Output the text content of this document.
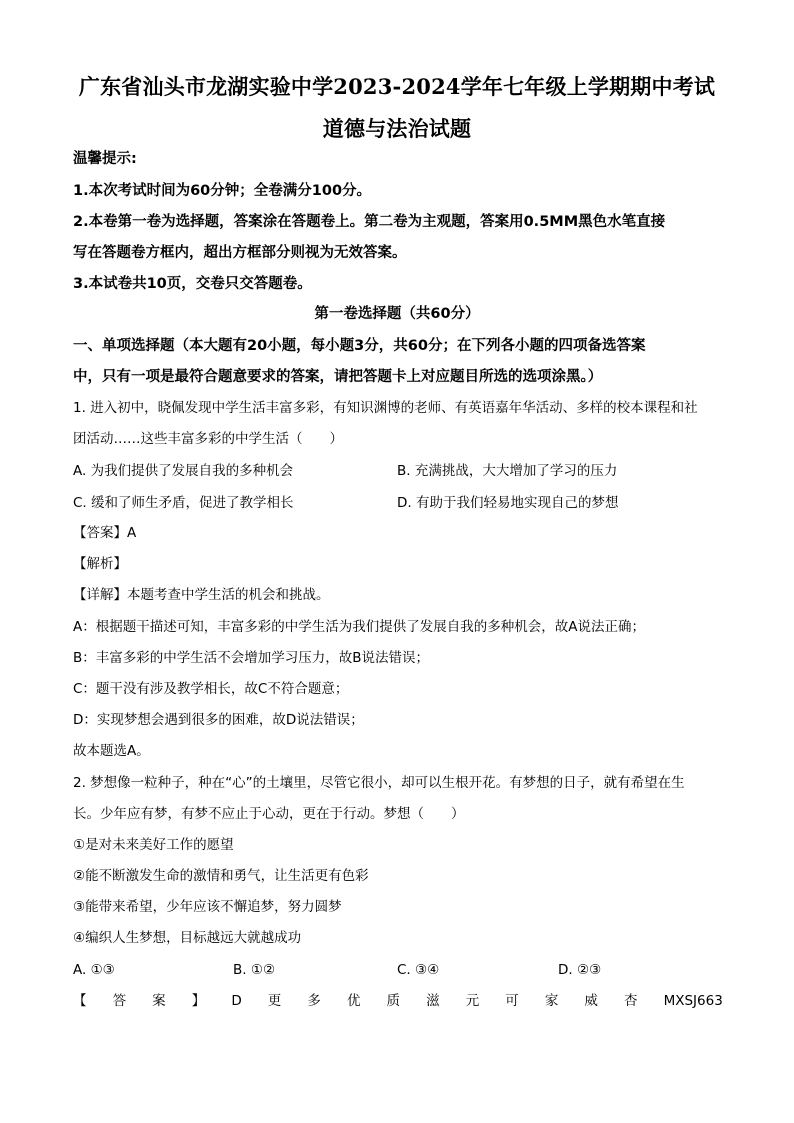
广东省汕头市龙湖实验中学2023-2024学年七年级上学期期中考试
道德与法治试题
温馨提示:
1.本次考试时间为60分钟；全卷满分100分。
2.本卷第一卷为选择题，答案涂在答题卷上。第二卷为主观题，答案用0.5MM黑色水笔直接
写在答题卷方框内，超出方框部分则视为无效答案。
3.本试卷共10页，交卷只交答题卷。
第一卷选择题（共60分）
一、单项选择题（本大题有20小题，每小题3分，共60分；在下列各小题的四项备选答案
中，只有一项是最符合题意要求的答案，请把答题卡上对应题目所选的选项涂黑。）
1. 进入初中，晓佩发现中学生活丰富多彩，有知识渊博的老师、有英语嘉年华活动、多样的校本课程和社
团活动……这些丰富多彩的中学生活（　　）
A. 为我们提供了发展自我的多种机会	B. 充满挑战，大大增加了学习的压力
C. 缓和了师生矛盾，促进了教学相长	D. 有助于我们轻易地实现自己的梦想
【答案】A
【解析】
【详解】本题考查中学生活的机会和挑战。
A：根据题干描述可知，丰富多彩的中学生活为我们提供了发展自我的多种机会，故A说法正确；
B：丰富多彩的中学生活不会增加学习压力，故B说法错误；
C：题干没有涉及教学相长，故C不符合题意；
D：实现梦想会遇到很多的困难，故D说法错误；
故本题选A。
2. 梦想像一粒种子，种在“心”的土壤里，尽管它很小，却可以生根开花。有梦想的日子，就有希望在生
长。少年应有梦，有梦不应止于心动，更在于行动。梦想（　　）
①是对未来美好工作的愿望
②能不断激发生命的激情和勇气，让生活更有色彩
③能带来希望，少年应该不懈追梦，努力圆梦
④编织人生梦想，目标越远大就越成功
A. ①③	B. ①②	C. ③④	D. ②③
【 答 案 】 D 更 多 优 质 滋 元 可 家 威 杏 MXSJ663
